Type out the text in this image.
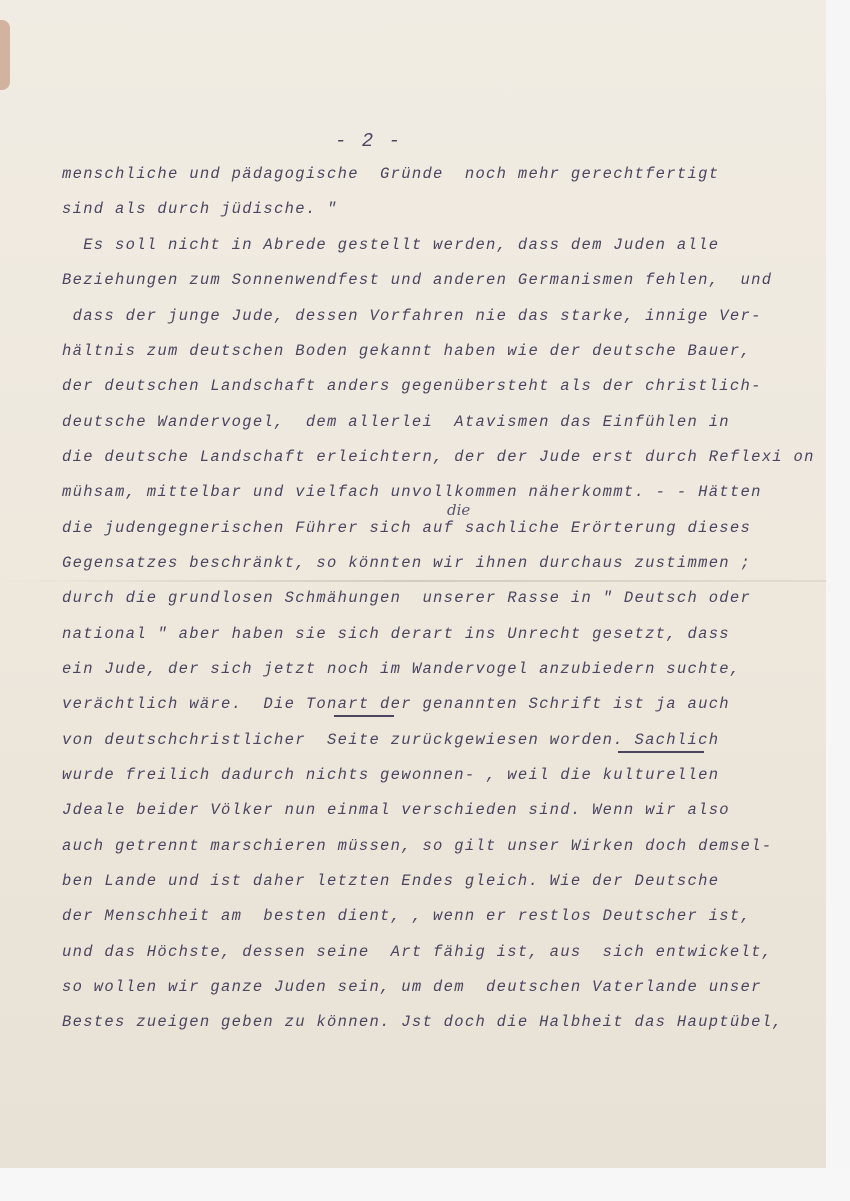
- 2 -
menschliche und pädagogische  Gründe  noch mehr gerechtfertigt
sind als durch jüdische. "
Es soll nicht in Abrede gestellt werden, dass dem Juden alle
Beziehungen zum Sonnenwendfest und anderen Germanismen fehlen,  und
dass der junge Jude, dessen Vorfahren nie das starke, innige Ver-
hältnis zum deutschen Boden gekannt haben wie der deutsche Bauer,
der deutschen Landschaft anders gegenübersteht als der christlich-
deutsche Wandervogel,  dem allerlei  Atavismen das Einfühlen in
die deutsche Landschaft erleichtern, der der Jude erst durch Reflexi on
mühsam, mittelbar und vielfach unvollkommen näherkommt. - - Hätten
die judengegnerischen Führer sich auf sachliche Erörterung dieses
Gegensatzes beschränkt, so könnten wir ihnen durchaus zustimmen ;
durch die grundlosen Schmähungen  unserer Rasse in " Deutsch oder
national " aber haben sie sich derart ins Unrecht gesetzt, dass
ein Jude, der sich jetzt noch im Wandervogel anzubiedern suchte,
verächtlich wäre.  Die Tonart der genannten Schrift ist ja auch
von deutschchristlicher  Seite zurückgewiesen worden. Sachlich
wurde freilich dadurch nichts gewonnen- , weil die kulturellen
Jdeale beider Völker nun einmal verschieden sind. Wenn wir also
auch getrennt marschieren müssen, so gilt unser Wirken doch demsel-
ben Lande und ist daher letzten Endes gleich. Wie der Deutsche
der Menschheit am  besten dient, , wenn er restlos Deutscher ist,
und das Höchste, dessen seine  Art fähig ist, aus  sich entwickelt,
so wollen wir ganze Juden sein, um dem  deutschen Vaterlande unser
Bestes zueigen geben zu können. Jst doch die Halbheit das Hauptübel,
die
